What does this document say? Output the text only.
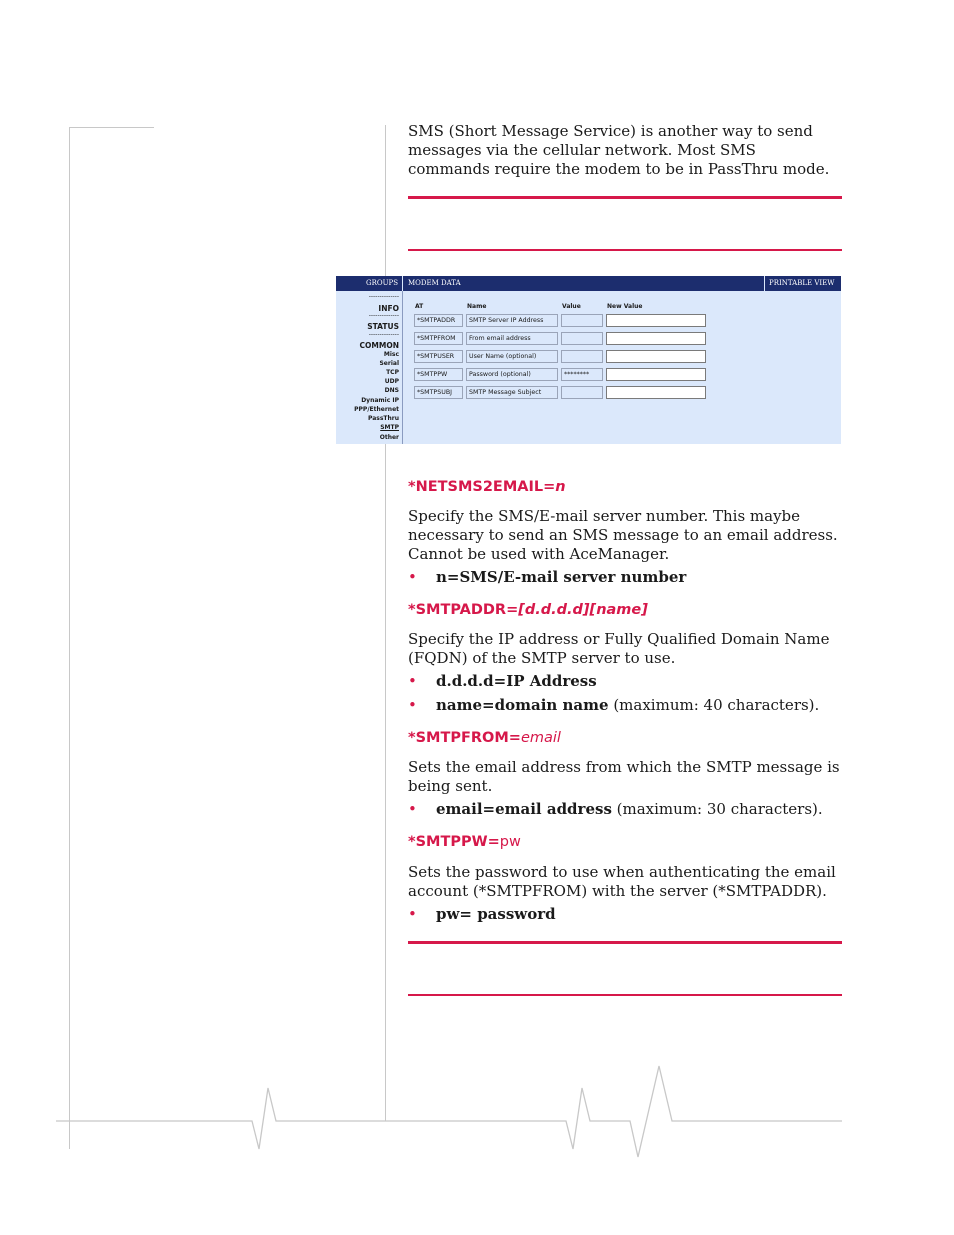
SMS (Short Message Service) is another way to send messages via the cellular network. Most SMS commands require the modem to be in PassThru mode.
GROUPS MODEM DATA	PRINTABLE VIEW
--------------
INFO
--------------
STATUS
--------------
COMMON
Misc
Serial
TCP
UDP
DNS
Dynamic IP
PPP/Ethernet
PassThru
SMTP
Other
AT	Name	Value	New Value
*SMTPADDR	SMTP Server IP Address
*SMTPFROM	From email address
*SMTPUSER	User Name (optional)
*SMTPPW	Password (optional)	********
*SMTPSUBJ	SMTP Message Subject
*NETSMS2EMAIL=n
Specify the SMS/E-mail server number. This maybe necessary to send an SMS message to an email address. Cannot be used with AceManager.
• n=SMS/E-mail server number
*SMTPADDR=[d.d.d.d][name]
Specify the IP address or Fully Qualified Domain Name (FQDN) of the SMTP server to use.
• d.d.d.d=IP Address
• name=domain name (maximum: 40 characters).
*SMTPFROM=email
Sets the email address from which the SMTP message is being sent.
• email=email address (maximum: 30 characters).
*SMTPPW=pw
Sets the password to use when authenticating the email account (*SMTPFROM) with the server (*SMTPADDR).
• pw= password
